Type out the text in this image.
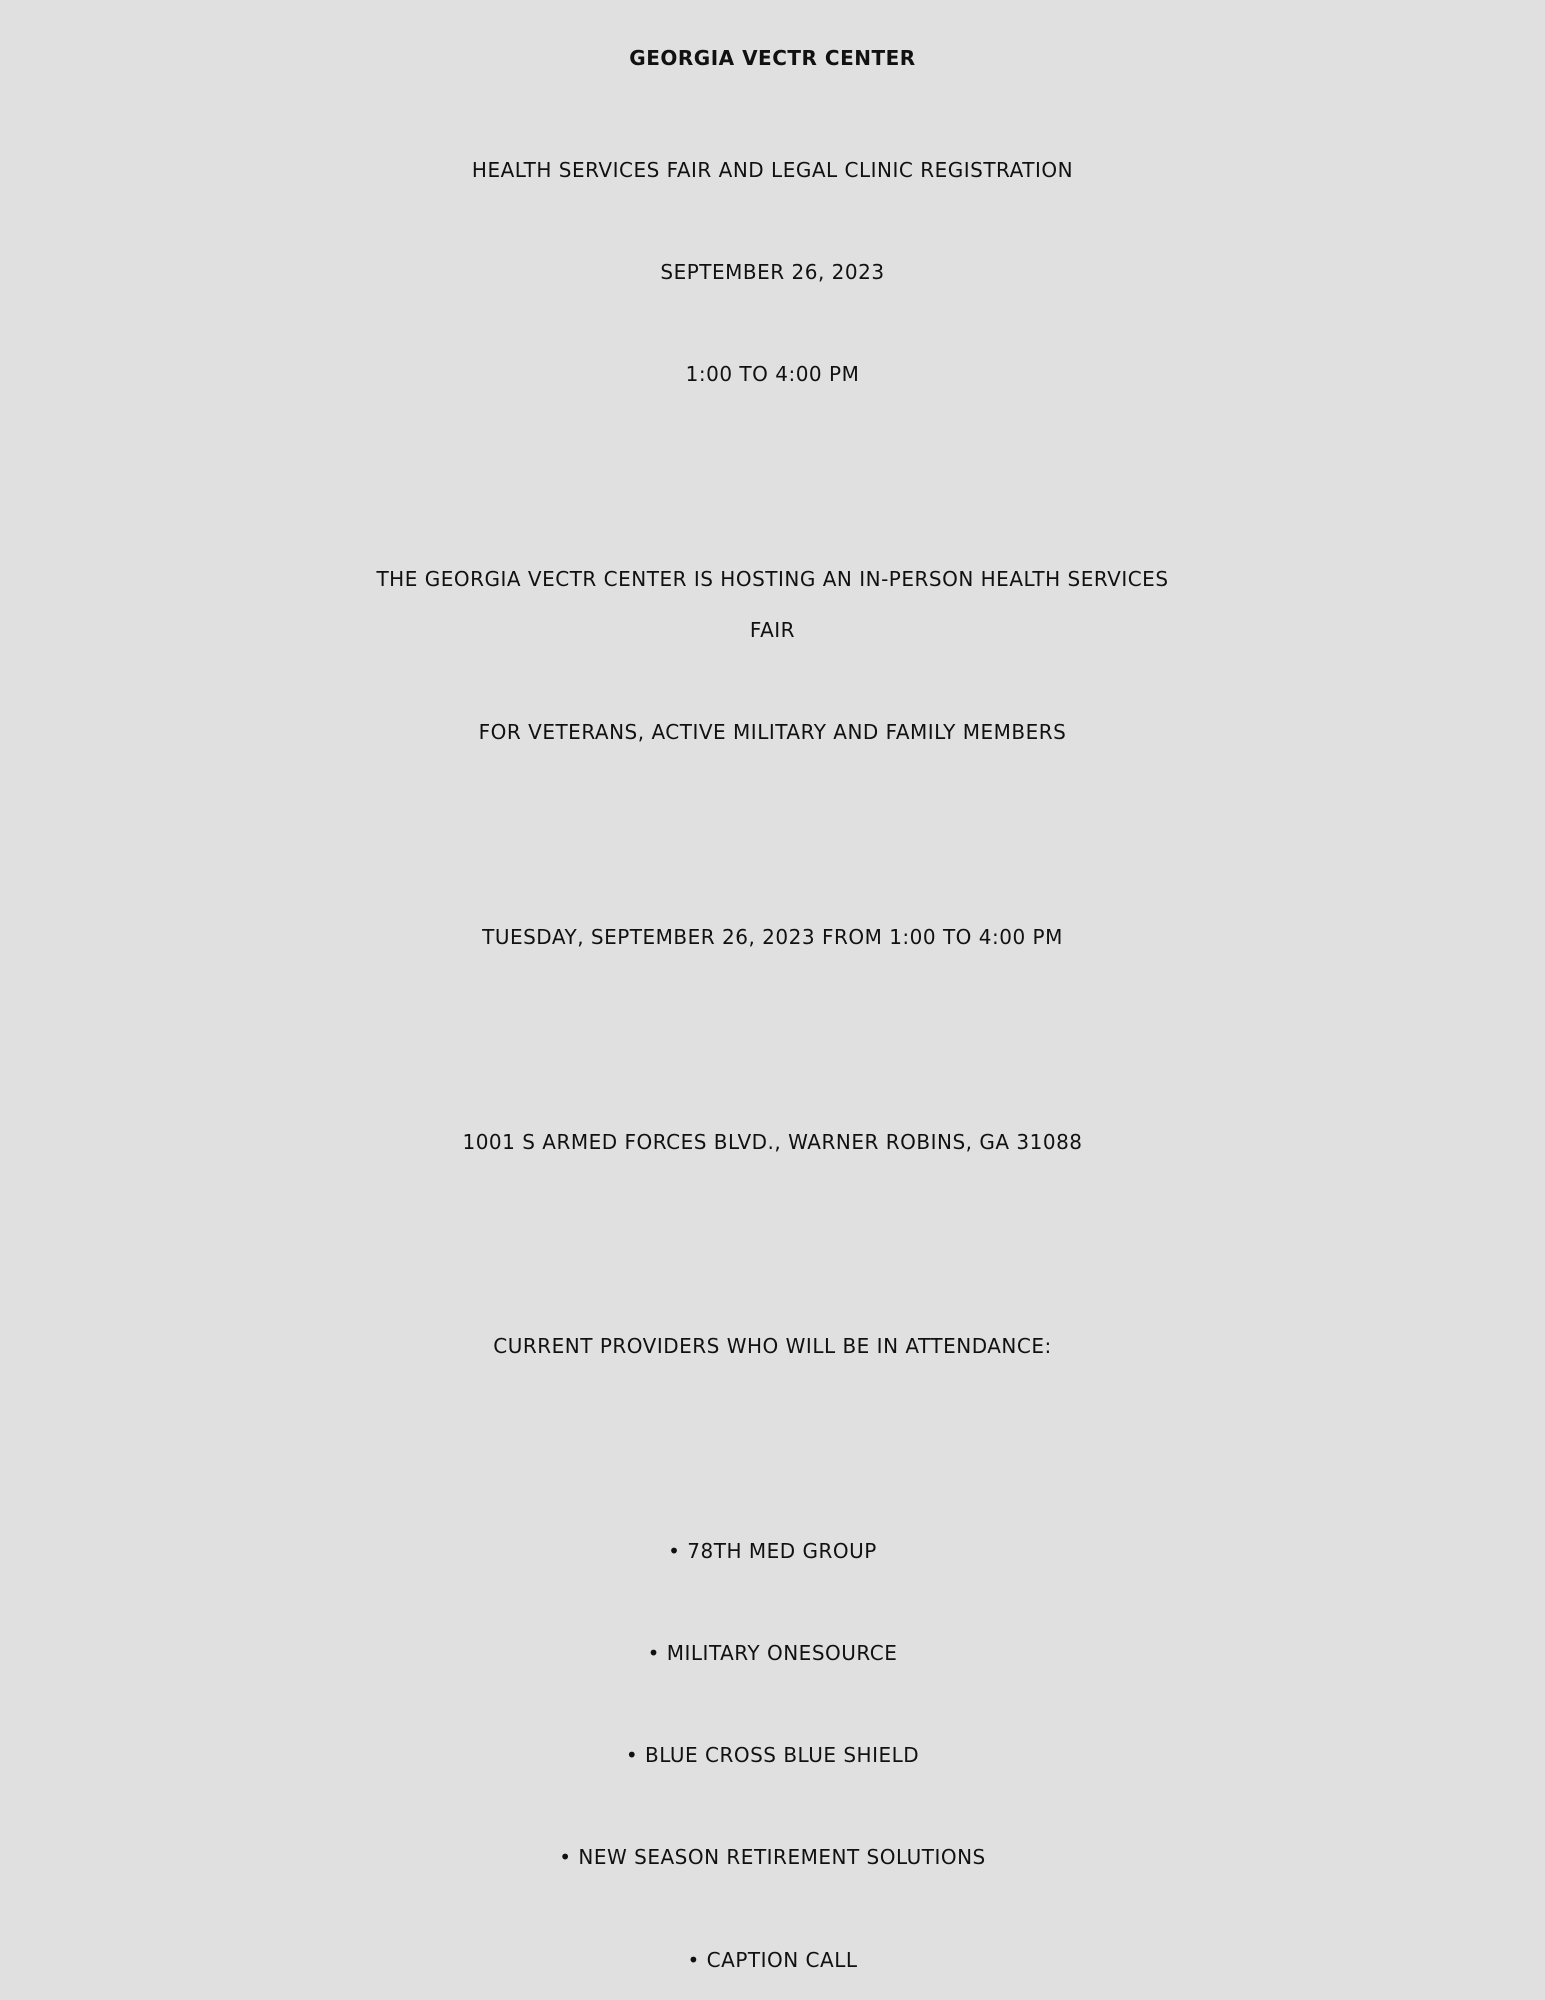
GEORGIA VECTR CENTER
HEALTH SERVICES FAIR AND LEGAL CLINIC REGISTRATION
SEPTEMBER 26, 2023
1:00 TO 4:00 PM
THE GEORGIA VECTR CENTER IS HOSTING AN IN-PERSON HEALTH SERVICES
FAIR
FOR VETERANS, ACTIVE MILITARY AND FAMILY MEMBERS
TUESDAY, SEPTEMBER 26, 2023 FROM 1:00 TO 4:00 PM
1001 S ARMED FORCES BLVD., WARNER ROBINS, GA 31088
CURRENT PROVIDERS WHO WILL BE IN ATTENDANCE:
• 78TH MED GROUP
• MILITARY ONESOURCE
• BLUE CROSS BLUE SHIELD
• NEW SEASON RETIREMENT SOLUTIONS
• CAPTION CALL
